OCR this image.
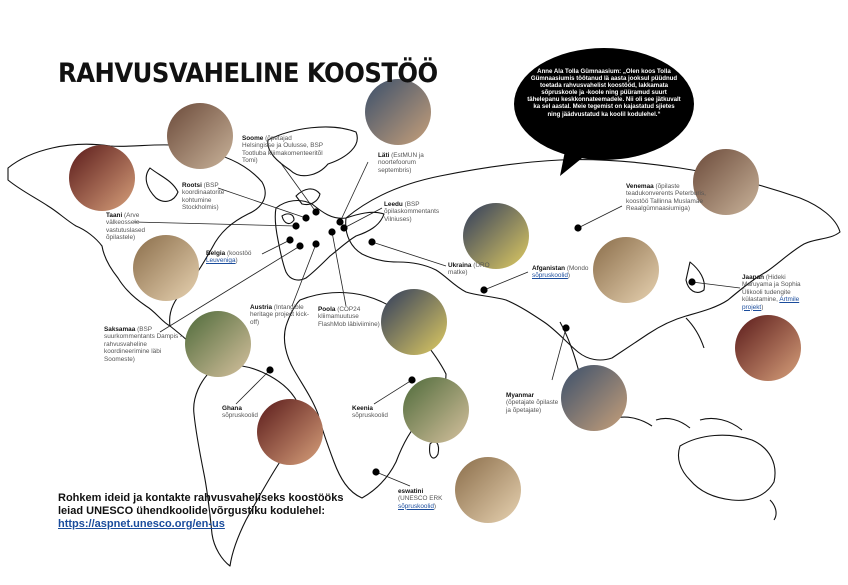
RAHVUSVAHELINE KOOSTÖÖ	Anne Ala Tolla Gümnaasium: „Olen koos Tolla Gümnaasiumis töötanud lä aasta jooksul püüdnud toetada rahvusvahelist koostööd, lakkamata sõpruskoole ja -koole ning püüramud suurt tähelepanu keskkonnateemadele. Nii oli see jätkuvalt ka sel aastal. Meie tegemist on kajastatud sjietes ning jäädvustatud ka koolil kodulehel.“
Soome (õpetajad Helsingisse ja Oulusse, BSP Tootluba kliimakomenteeritõl Tomi)
Läti (EstMUN ja noortefoorum septembris)
Rootsi (BSP koordinaatorite kohtumine Stockholmis)
Taani (Arve välkeossele vastutuslased õpilastele)
Leedu (BSP õpilaskommentants Vilniuses)
Belgia (koostöö Leuveniga)
Venemaa (õpilaste teadukonverents Peterburis, koostöö Tallinna Muslamäe Reaalgümnaasiumiga)
Ukraina (ÜRO matke)
Afganistan (Mondo sõpruskoolid)	Jaapan (Hideki Maruyama ja Sophia Ülikooli tudengite külastamine, Artmile projekt)
Saksamaa (BSP suurkommentants Dampis – rahvusvaheline koordineerimine läbi Soomeste)
Austria (Intangible heritage project kick-off)
Poola (COP24 kliimamuutuse FlashMob läbiviimine)
Ghana
sõpruskoolid
Keenia
sõpruskoolid
Myanmar (õpetajate õpilaste ja õpetajate)
eswatini (UNESCO ERK sõpruskoolid)
Rohkem ideid ja kontakte rahvusvaheliseks koostööks
leiad UNESCO ühendkoolide võrgustiku kodulehel:
https://aspnet.unesco.org/en-us
